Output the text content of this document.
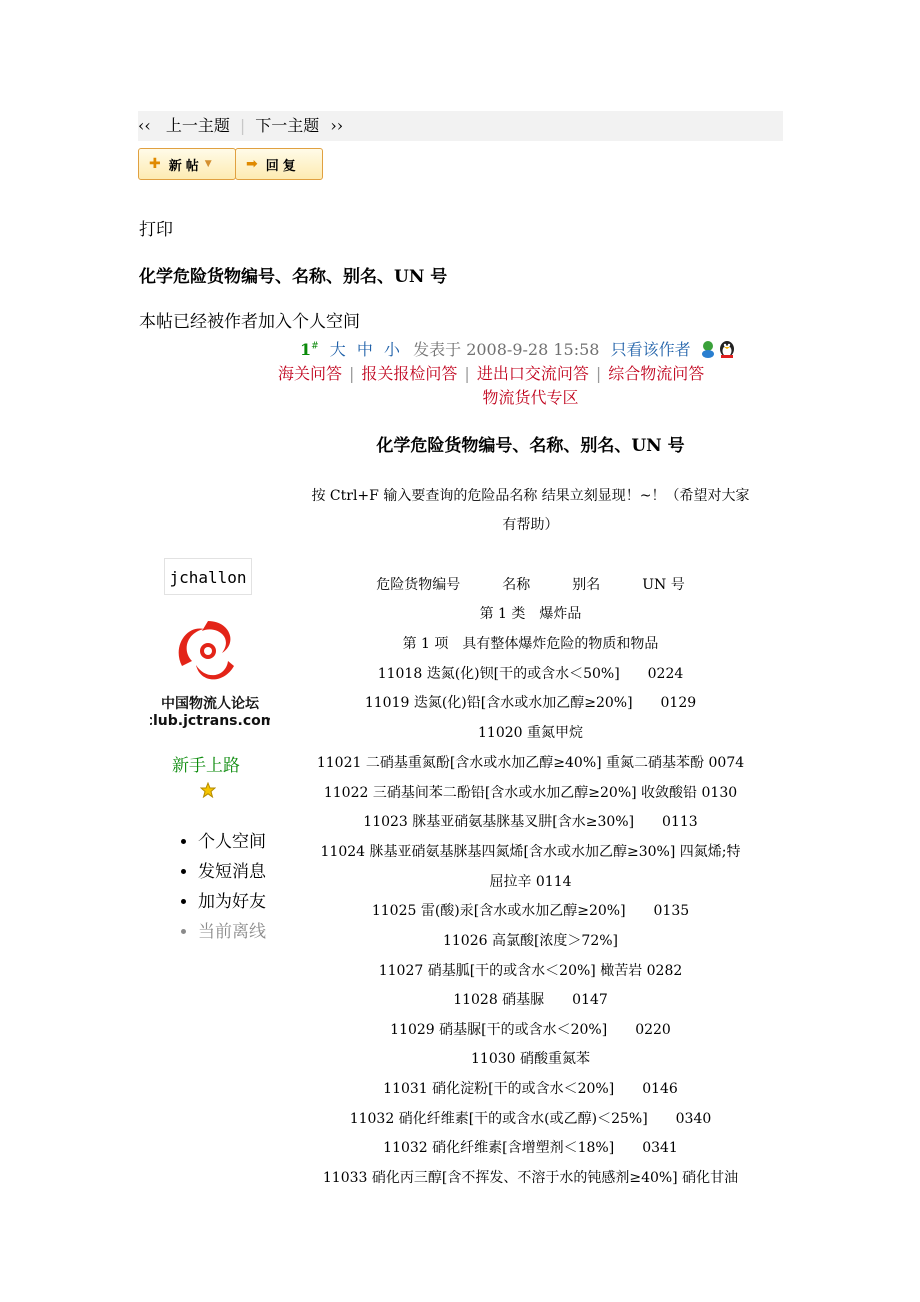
‹‹ 上一主题 | 下一主题 ››
✚ 新帖 ▼ ➡ 回复
打印
化学危险货物编号、名称、别名、UN 号
本帖已经被作者加入个人空间
1# 大 中 小 发表于 2008-9-28 15:58 只看该作者
海关问答 | 报关报检问答 | 进出口交流问答 | 综合物流问答
物流货代专区
化学危险货物编号、名称、别名、UN 号
按 Ctrl+F 输入要查询的危险品名称 结果立刻显现！~！（希望对大家
有帮助）
危险货物编号　　　名称　　　别名　　　UN 号
第 1 类　爆炸品
第 1 项　具有整体爆炸危险的物质和物品
11018 迭氮(化)钡[干的或含水＜50%]　　0224
11019 迭氮(化)铅[含水或水加乙醇≥20%]　　0129
11020 重氮甲烷
11021 二硝基重氮酚[含水或水加乙醇≥40%] 重氮二硝基苯酚 0074
11022 三硝基间苯二酚铅[含水或水加乙醇≥20%] 收敛酸铅 0130
11023 脒基亚硝氨基脒基叉肼[含水≥30%]　　0113
11024 脒基亚硝氨基脒基四氮烯[含水或水加乙醇≥30%] 四氮烯;特
屈拉辛 0114
11025 雷(酸)汞[含水或水加乙醇≥20%]　　0135
11026 高氯酸[浓度＞72%]
11027 硝基胍[干的或含水＜20%] 橄苦岩 0282
11028 硝基脲　　0147
11029 硝基脲[干的或含水＜20%]　　0220
11030 硝酸重氮苯
11031 硝化淀粉[干的或含水＜20%]　　0146
11032 硝化纤维素[干的或含水(或乙醇)＜25%]　　0340
11032 硝化纤维素[含增塑剂＜18%]　　0341
11033 硝化丙三醇[含不挥发、不溶于水的钝感剂≥40%] 硝化甘油
jchallon
中国物流人论坛
club.jctrans.com
新手上路
• 个人空间
• 发短消息
• 加为好友
• 当前离线
